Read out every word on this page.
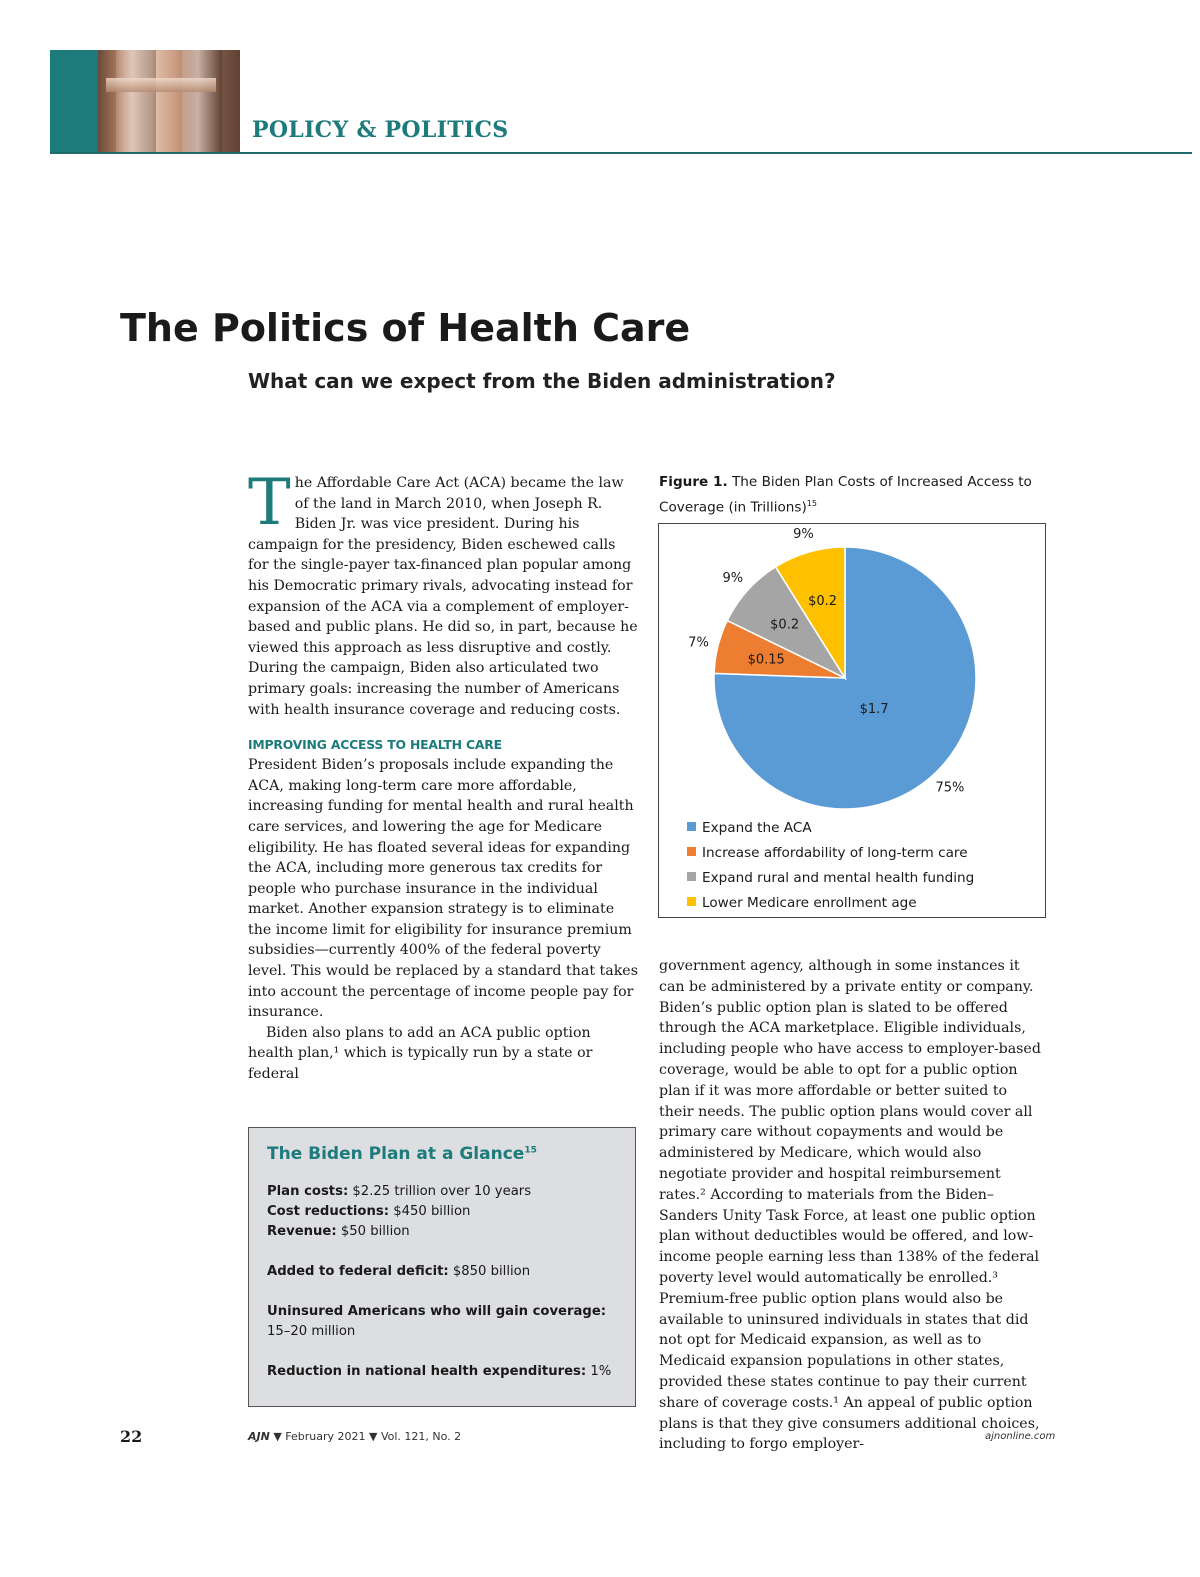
POLICY & POLITICS
The Politics of Health Care
What can we expect from the Biden administration?

The Affordable Care Act (ACA) became the law of the land in March 2010, when Joseph R. Biden Jr. was vice president. During his campaign for the presidency, Biden eschewed calls for the single-payer tax-financed plan popular among his Democratic primary rivals, advocating instead for expansion of the ACA via a complement of employer-based and public plans. He did so, in part, because he viewed this approach as less disruptive and costly. During the campaign, Biden also articulated two primary goals: increasing the number of Americans with health insurance coverage and reducing costs.

IMPROVING ACCESS TO HEALTH CARE

President Biden’s proposals include expanding the ACA, making long-term care more affordable, increasing funding for mental health and rural health care services, and lowering the age for Medicare eligibility. He has floated several ideas for expanding the ACA, including more generous tax credits for people who purchase insurance in the individual market. Another expansion strategy is to eliminate the income limit for eligibility for insurance premium subsidies—currently 400% of the federal poverty level. This would be replaced by a standard that takes into account the percentage of income people pay for insurance.

Biden also plans to add an ACA public option health plan,¹ which is typically run by a state or federal

The Biden Plan at a Glance$^{15}$

Plan costs: $2.25 trillion over 10 years

Cost reductions: $450 billion

Revenue: $50 billion

Added to federal deficit: $850 billion

Uninsured Americans who will gain coverage:
15–20 million

Reduction in national health expenditures: 1%

Figure 1. The Biden Plan Costs of Increased Access to Coverage (in Trillions)$^{15}$

$1.7
75%
$0.15
7%
$0.2
9%
$0.2
9%
Expand the ACA
Increase affordability of long-term care
Expand rural and mental health funding
Lower Medicare enrollment age

government agency, although in some instances it can be administered by a private entity or company. Biden’s public option plan is slated to be offered through the ACA marketplace. Eligible individuals, including people who have access to employer-based coverage, would be able to opt for a public option plan if it was more affordable or better suited to their needs. The public option plans would cover all primary care without copayments and would be administered by Medicare, which would also negotiate provider and hospital reimbursement rates.² According to materials from the Biden–Sanders Unity Task Force, at least one public option plan without deductibles would be offered, and low-income people earning less than 138% of the federal poverty level would automatically be enrolled.³ Premium-free public option plans would also be available to uninsured individuals in states that did not opt for Medicaid expansion, as well as to Medicaid expansion populations in other states, provided these states continue to pay their current share of coverage costs.¹ An appeal of public option plans is that they give consumers additional choices, including to forgo employer-

22	AJN ▼ February 2021 ▼ Vol. 121, No. 2	ajnonline.com
